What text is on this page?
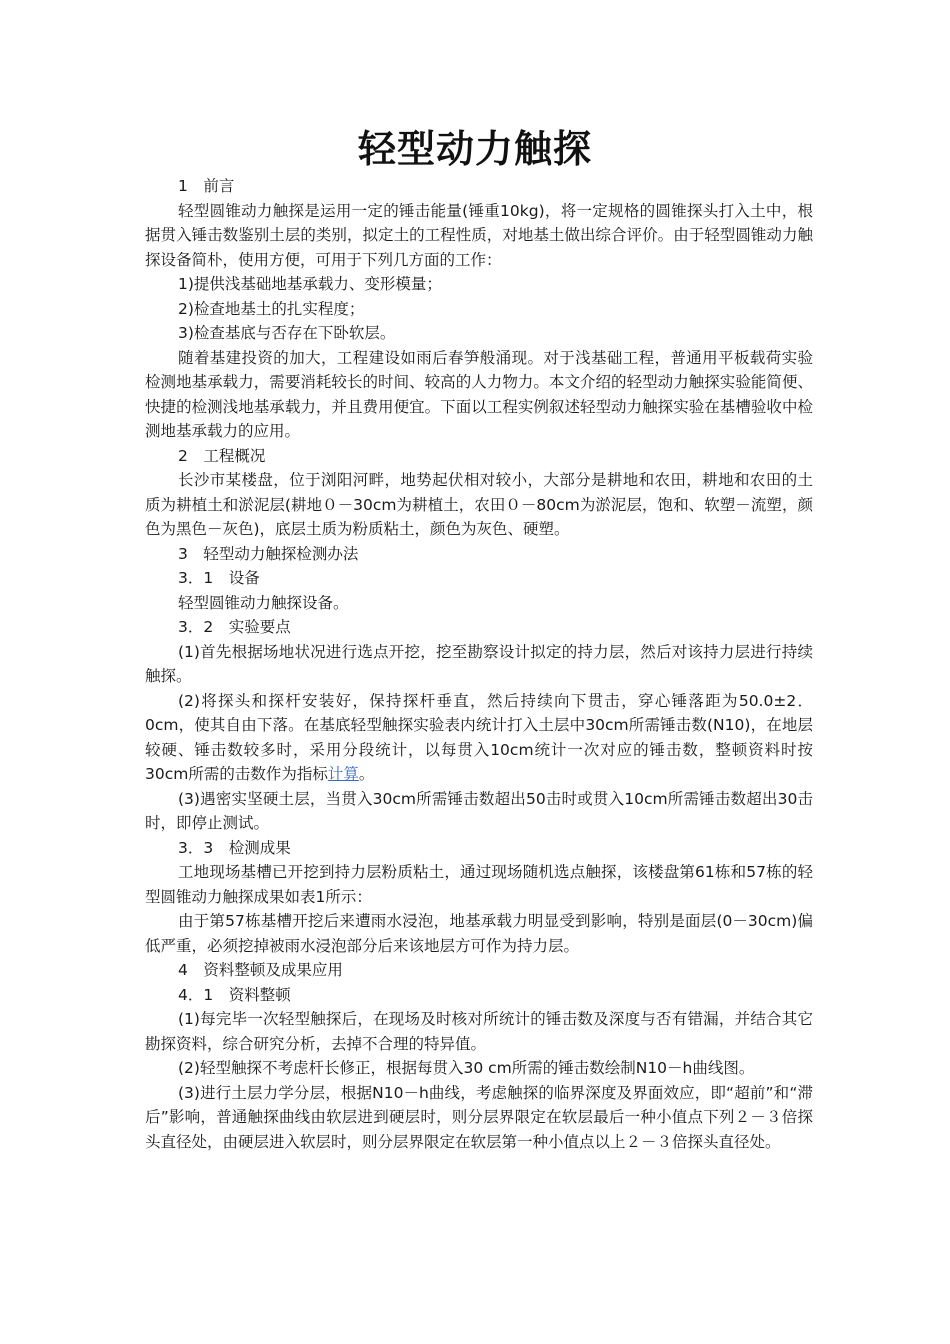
轻型动力触探

1　前言

轻型圆锥动力触探是运用一定的锤击能量(锤重10kg)，将一定规格的圆锥探头打入土中，根据贯入锤击数鉴别土层的类别，拟定土的工程性质，对地基土做出综合评价。由于轻型圆锥动力触探设备简朴，使用方便，可用于下列几方面的工作：

1)提供浅基础地基承载力、变形模量；

2)检查地基土的扎实程度；

3)检查基底与否存在下卧软层。

随着基建投资的加大，工程建设如雨后春笋般涌现。对于浅基础工程，普通用平板载荷实验检测地基承载力，需要消耗较长的时间、较高的人力物力。本文介绍的轻型动力触探实验能简便、快捷的检测浅地基承载力，并且费用便宜。下面以工程实例叙述轻型动力触探实验在基槽验收中检测地基承载力的应用。

2　工程概况

长沙市某楼盘，位于浏阳河畔，地势起伏相对较小，大部分是耕地和农田，耕地和农田的土质为耕植土和淤泥层(耕地０－30cm为耕植土，农田０－80cm为淤泥层，饱和、软塑－流塑，颜色为黑色－灰色)，底层土质为粉质粘土，颜色为灰色、硬塑。

3　轻型动力触探检测办法

3．1　设备

轻型圆锥动力触探设备。

3．2　实验要点

(1)首先根据场地状况进行选点开挖，挖至勘察设计拟定的持力层，然后对该持力层进行持续触探。

(2)将探头和探杆安装好，保持探杆垂直，然后持续向下贯击，穿心锤落距为50.0±2．0cm，使其自由下落。在基底轻型触探实验表内统计打入土层中30cm所需锤击数(N10)，在地层较硬、锤击数较多时，采用分段统计，以每贯入10cm统计一次对应的锤击数，整顿资料时按30cm所需的击数作为指标计算。

(3)遇密实坚硬土层，当贯入30cm所需锤击数超出50击时或贯入10cm所需锤击数超出30击时，即停止测试。

3．3　检测成果

工地现场基槽已开挖到持力层粉质粘土，通过现场随机选点触探，该楼盘第61栋和57栋的轻型圆锥动力触探成果如表1所示：

由于第57栋基槽开挖后来遭雨水浸泡，地基承载力明显受到影响，特别是面层(0－30cm)偏低严重，必须挖掉被雨水浸泡部分后来该地层方可作为持力层。

4　资料整顿及成果应用

4．1　资料整顿

(1)每完毕一次轻型触探后，在现场及时核对所统计的锤击数及深度与否有错漏，并结合其它勘探资料，综合研究分析，去掉不合理的特异值。

(2)轻型触探不考虑杆长修正，根据每贯入30 cm所需的锤击数绘制N10－h曲线图。

(3)进行土层力学分层，根据N10－h曲线，考虑触探的临界深度及界面效应，即“超前”和“滞后”影响，普通触探曲线由软层进到硬层时，则分层界限定在软层最后一种小值点下列２－３倍探头直径处，由硬层进入软层时，则分层界限定在软层第一种小值点以上２－３倍探头直径处。
